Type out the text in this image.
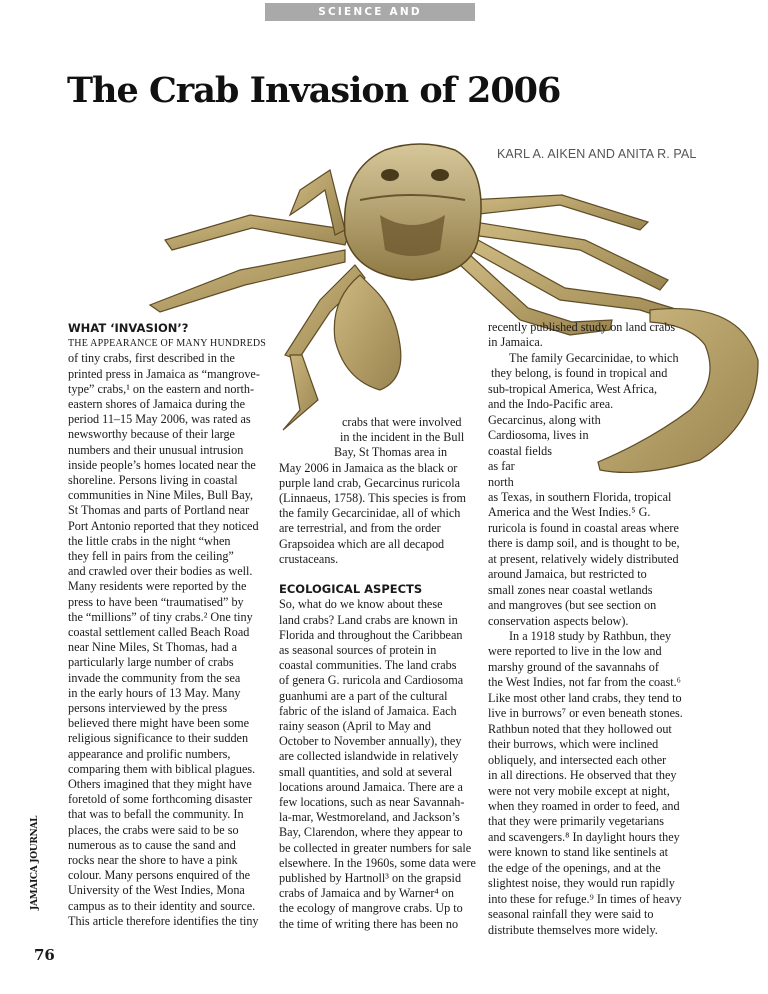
SCIENCE AND TECHNOLOGY
The Crab Invasion of 2006
KARL A. AIKEN AND ANITA R. PAL
WHAT ‘INVASION’?
THE APPEARANCE OF MANY HUNDREDS
of tiny crabs, first described in the
printed press in Jamaica as “mangrove-
type” crabs,¹ on the eastern and north-
eastern shores of Jamaica during the
period 11–15 May 2006, was rated as
newsworthy because of their large
numbers and their unusual intrusion
inside people’s homes located near the
shoreline. Persons living in coastal
communities in Nine Miles, Bull Bay,
St Thomas and parts of Portland near
Port Antonio reported that they noticed
the little crabs in the night “when
they fell in pairs from the ceiling”
and crawled over their bodies as well.
Many residents were reported by the
press to have been “traumatised” by
the “millions” of tiny crabs.² One tiny
coastal settlement called Beach Road
near Nine Miles, St Thomas, had a
particularly large number of crabs
invade the community from the sea
in the early hours of 13 May. Many
persons interviewed by the press
believed there might have been some
religious significance to their sudden
appearance and prolific numbers,
comparing them with biblical plagues.
Others imagined that they might have
foretold of some forthcoming disaster
that was to befall the community. In
places, the crabs were said to be so
numerous as to cause the sand and
rocks near the shore to have a pink
colour. Many persons enquired of the
University of the West Indies, Mona
campus as to their identity and source.
This article therefore identifies the tiny
crabs that were involved
in the incident in the Bull
Bay, St Thomas area in
May 2006 in Jamaica as the black or
purple land crab, Gecarcinus ruricola
(Linnaeus, 1758). This species is from
the family Gecarcinidae, all of which
are terrestrial, and from the order
Grapsoidea which are all decapod
crustaceans.
ECOLOGICAL ASPECTS
So, what do we know about these
land crabs? Land crabs are known in
Florida and throughout the Caribbean
as seasonal sources of protein in
coastal communities. The land crabs
of genera G. ruricola and Cardiosoma
guanhumi are a part of the cultural
fabric of the island of Jamaica. Each
rainy season (April to May and
October to November annually), they
are collected islandwide in relatively
small quantities, and sold at several
locations around Jamaica. There are a
few locations, such as near Savannah-
la-mar, Westmoreland, and Jackson’s
Bay, Clarendon, where they appear to
be collected in greater numbers for sale
elsewhere. In the 1960s, some data were
published by Hartnoll³ on the grapsid
crabs of Jamaica and by Warner⁴ on
the ecology of mangrove crabs. Up to
the time of writing there has been no
recently published study on land crabs
in Jamaica.
The family Gecarcinidae, to which
they belong, is found in tropical and
sub-tropical America, West Africa,
and the Indo-Pacific area.
Gecarcinus, along with
Cardiosoma, lives in
coastal fields
as far
north
as Texas, in southern Florida, tropical
America and the West Indies.⁵ G.
ruricola is found in coastal areas where
there is damp soil, and is thought to be,
at present, relatively widely distributed
around Jamaica, but restricted to
small zones near coastal wetlands
and mangroves (but see section on
conservation aspects below).
In a 1918 study by Rathbun, they
were reported to live in the low and
marshy ground of the savannahs of
the West Indies, not far from the coast.⁶
Like most other land crabs, they tend to
live in burrows⁷ or even beneath stones.
Rathbun noted that they hollowed out
their burrows, which were inclined
obliquely, and intersected each other
in all directions. He observed that they
were not very mobile except at night,
when they roamed in order to feed, and
that they were primarily vegetarians
and scavengers.⁸ In daylight hours they
were known to stand like sentinels at
the edge of the openings, and at the
slightest noise, they would run rapidly
into these for refuge.⁹ In times of heavy
seasonal rainfall they were said to
distribute themselves more widely.
JAMAICA JOURNAL
76
